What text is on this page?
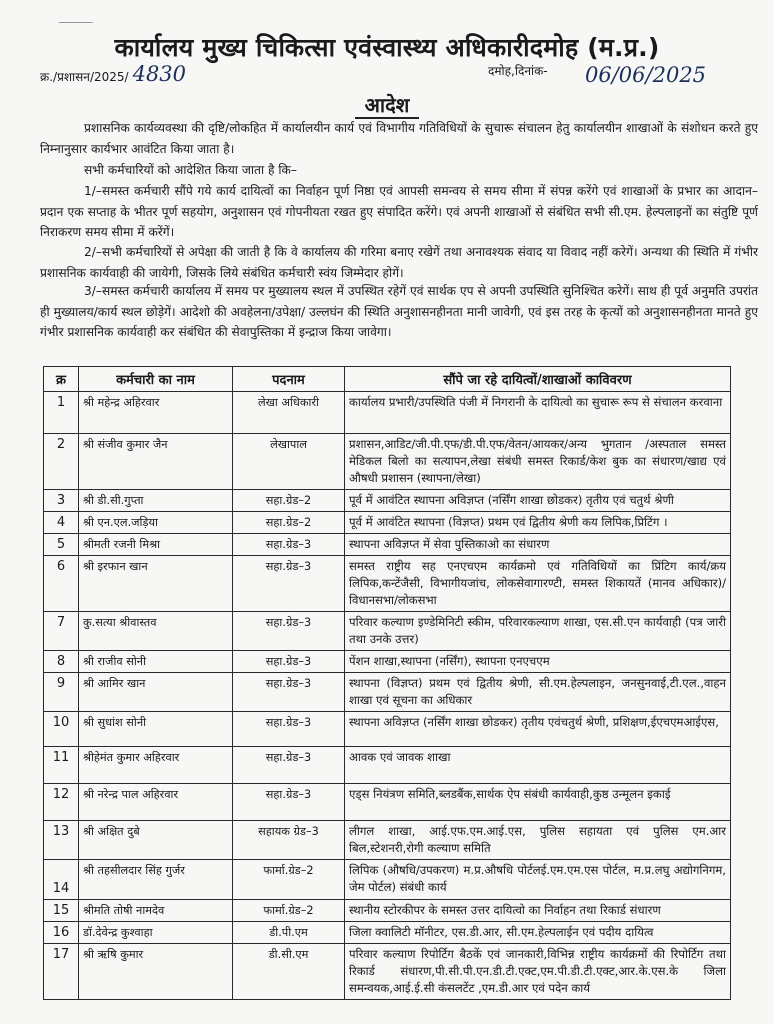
कार्यालय मुख्य चिकित्सा एवंस्वास्थ्य अधिकारीदमोह (म.प्र.)
क्र./प्रशासन/2025/ 4830	दमोह,दिनांक- 06/06/2025
आदेश
प्रशासनिक कार्यव्यवस्था की दृष्टि/लोकहित में कार्यालयीन कार्य एवं विभागीय गतिविधियों के सुचारू संचालन हेतु कार्यालयीन शाखाओं के संशोधन करते हुए निम्नानुसार कार्यभार आवंटित किया जाता है।
सभी कर्मचारियों को आदेशित किया जाता है कि–
1/–समस्त कर्मचारी सौंपे गये कार्य दायित्वों का निर्वाहन पूर्ण निष्ठा एवं आपसी समन्वय से समय सीमा में संपन्न करेंगे एवं शाखाओं के प्रभार का आदान–प्रदान एक सप्ताह के भीतर पूर्ण सहयोग, अनुशासन एवं गोपनीयता रखत हुए संपादित करेंगे। एवं अपनी शाखाओं से संबंधित सभी सी.एम. हेल्पलाइनों का संतुष्टि पूर्ण निराकरण समय सीमा में करेंगें।
2/–सभी कर्मचारियों से अपेक्षा की जाती है कि वे कार्यालय की गरिमा बनाए रखेगें तथा अनावश्यक संवाद या विवाद नहीं करेगें। अन्यथा की स्थिति में गंभीर प्रशासनिक कार्यवाही की जायेगी, जिसके लिये संबंधित कर्मचारी स्वंय जिम्मेदार होगें।
3/–समस्त कर्मचारी कार्यालय में समय पर मुख्यालय स्थल में उपस्थित रहेगें एवं सार्थक एप से अपनी उपस्थिति सुनिश्चित करेगें। साथ ही पूर्व अनुमति उपरांत ही मुख्यालय/कार्य स्थल छोड़ेगें। आदेशो की अवहेलना/उपेक्षा/ उल्लघंन की स्थिति अनुशासनहीनता मानी जावेगी, एवं इस तरह के कृत्यों को अनुशासनहीनता मानते हुए गंभीर प्रशासनिक कार्यवाही कर संबंधित की सेवापुस्तिका में इन्द्राज किया जावेगा।
क्र	कर्मचारी का नाम	पदनाम	सौंपे जा रहे दायित्वों/शाखाओं काविवरण
1	श्री महेन्द्र अहिरवार	लेखा अधिकारी	कार्यालय प्रभारी/उपस्थिति पंजी में निगरानी के दायित्वो का सुचारू रूप से संचालन करवाना
2	श्री संजीव कुमार जैन	लेखापाल	प्रशासन,आडिट/जी.पी.एफ/डी.पी.एफ/वेतन/आयकर/अन्य भुगतान /अस्पताल समस्त मेडिकल बिलो का सत्यापन,लेखा संबंधी समस्त रिकार्ड/केश बुक का संधारण/खाद्य एवं औषधी प्रशासन (स्थापना/लेखा)
3	श्री डी.सी.गुप्ता	सहा.ग्रेड–2	पूर्व में आवंटित स्थापना अविज्ञप्त (नर्सिंग शाखा छोडकर) तृतीय एवं चतुर्थ श्रेणी
4	श्री एन.एल.जड़िया	सहा.ग्रेड–2	पूर्व में आवंटित स्थापना (विज्ञप्त) प्रथम एवं द्वितीय श्रेणी कय लिपिक,प्रिटिंग ।
5	श्रीमती रजनी मिश्रा	सहा.ग्रेड–3	स्थापना अविज्ञप्त में सेवा पुस्तिकाओ का संधारण
6	श्री इरफान खान	सहा.ग्रेड–3	समस्त राष्ट्रीय सह एनएचएम कार्यक्रमो एवं गतिविधियों का प्रिंटिग कार्य/क्रय लिपिक,कन्टेंजैसी, विभागीयजांच, लोकसेवागारण्टी, समस्त शिकायतें (मानव अधिकार)/विधानसभा/लोकसभा
7	कु.सत्या श्रीवास्तव	सहा.ग्रेड–3	परिवार कल्याण इण्डेमिनिटी स्कीम, परिवारकल्याण शाखा, एस.सी.एन कार्यवाही (पत्र जारी तथा उनके उत्तर)
8	श्री राजीव सोनी	सहा.ग्रेड–3	पेंशन शाखा,स्थापना (नर्सिंग), स्थापना एनएचएम
9	श्री आमिर खान	सहा.ग्रेड–3	स्थापना (विज्ञप्त) प्रथम एवं द्वितीय श्रेणी, सी.एम.हेल्पलाइन, जनसुनवाई,टी.एल.,वाहन शाखा एवं सूचना का अधिकार
10	श्री सुधांश सोनी	सहा.ग्रेड–3	स्थापना अविज्ञप्त (नर्सिंग शाखा छोडकर) तृतीय एवंचतुर्थ श्रेणी, प्रशिक्षण,ईएचएमआईएस,
11	श्रीहेमंत कुमार अहिरवार	सहा.ग्रेड–3	आवक एवं जावक शाखा
12	श्री नरेन्द्र पाल अहिरवार	सहा.ग्रेड–3	एड्स नियंत्रण समिति,ब्लडबैंक,सार्थक ऐप संबंधी कार्यवाही,कुष्ठ उन्मूलन इकाई
13	श्री अक्षित दुबे	सहायक ग्रेड–3	लीगल शाखा, आई.एफ.एम.आई.एस, पुलिस सहायता एवं पुलिस एम.आर बिल,स्टेशनरी,रोगी कल्याण समिति
14	श्री तहसीलदार सिंह गुर्जर	फार्मा.ग्रेड–2	लिपिक (औषधि/उपकरण) म.प्र.औषधि पोर्टलई.एम.एम.एस पोर्टल, म.प्र.लघु अद्योगनिगम, जेम पोर्टल) संबंधी कार्य
15	श्रीमति तोषी नामदेव	फार्मा.ग्रेड–2	स्थानीय स्टोरकीपर के समस्त उत्तर दायित्वो का निर्वाहन तथा रिकार्ड संधारण
16	डॉ.देवेन्द्र कुश्वाहा	डी.पी.एम	जिला क्वालिटी मॉनीटर, एस.डी.आर, सी.एम.हेल्पलाईन एवं पदीय दायित्व
17	श्री ऋषि कुमार	डी.सी.एम	परिवार कल्याण रिपोर्टिग बैठकें एवं जानकारी,विभिन्न राष्ट्रीय कार्यक्रमों की रिपोर्टिग तथा रिकार्ड संधारण,पी.सी.पी.एन.डी.टी.एक्ट,एम.पी.डी.टी.एक्ट,आर.के.एस.के जिला समन्वयक,आई.ई.सी कंसलटेंट ,एम.डी.आर एवं पदेन कार्य
